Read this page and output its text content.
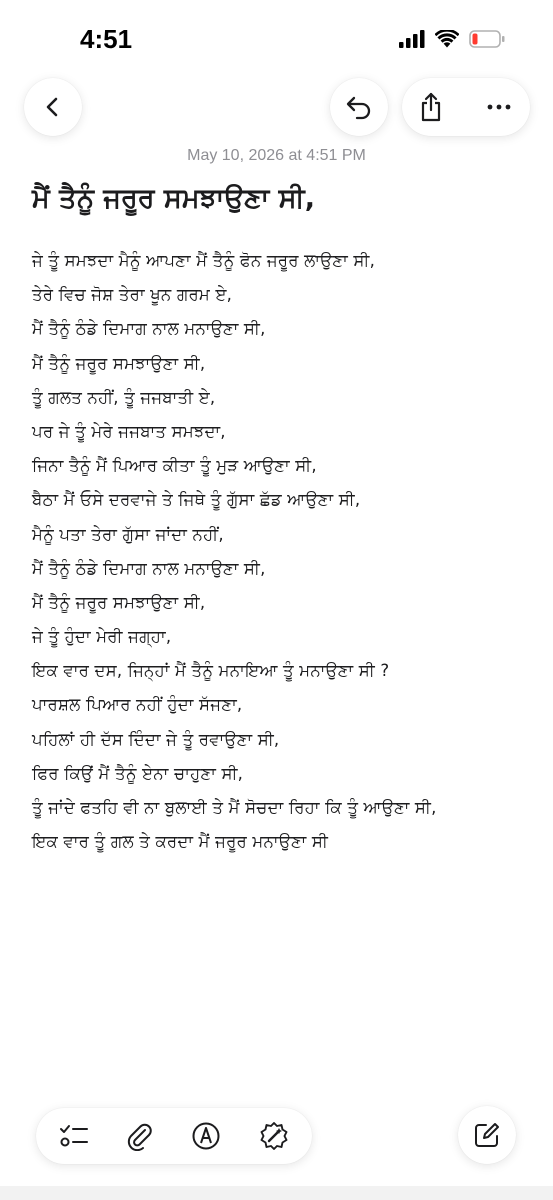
4:51
May 10, 2026 at 4:51 PM
ਮੈਂ ਤੈਨੂੰ ਜਰੂਰ ਸਮਝਾਉਣਾ ਸੀ,
ਜੇ ਤੂੰ ਸਮਝਦਾ ਮੈਨੂੰ ਆਪਣਾ ਮੈਂ ਤੈਨੂੰ ਫੋਨ ਜਰੂਰ ਲਾਉਣਾ ਸੀ,
ਤੇਰੇ ਵਿਚ ਜੋਸ਼ ਤੇਰਾ ਖੂਨ ਗਰਮ ਏ,
ਮੈਂ ਤੈਨੂੰ ਠੰਡੇ ਦਿਮਾਗ ਨਾਲ ਮਨਾਉਣਾ ਸੀ,
ਮੈਂ ਤੈਨੂੰ ਜਰੂਰ ਸਮਝਾਉਣਾ ਸੀ,
ਤੂੰ ਗਲਤ ਨਹੀਂ, ਤੂੰ ਜਜਬਾਤੀ ਏ,
ਪਰ ਜੇ ਤੂੰ ਮੇਰੇ ਜਜਬਾਤ ਸਮਝਦਾ,
ਜਿਨਾ ਤੈਨੂੰ ਮੈਂ ਪਿਆਰ ਕੀਤਾ ਤੂੰ ਮੁੜ ਆਉਣਾ ਸੀ,
ਬੈਠਾ ਮੈਂ ਓਸੇ ਦਰਵਾਜੇ ਤੇ ਜਿਥੇ ਤੂੰ ਗੁੱਸਾ ਛੱਡ ਆਉਣਾ ਸੀ,
ਮੈਨੂੰ ਪਤਾ ਤੇਰਾ ਗੁੱਸਾ ਜਾਂਦਾ ਨਹੀਂ,
ਮੈਂ ਤੈਨੂੰ ਠੰਡੇ ਦਿਮਾਗ ਨਾਲ ਮਨਾਉਣਾ ਸੀ,
ਮੈਂ ਤੈਨੂੰ ਜਰੂਰ ਸਮਝਾਉਣਾ ਸੀ,
ਜੇ ਤੂੰ ਹੁੰਦਾ ਮੇਰੀ ਜਗ੍ਹਾ,
ਇਕ ਵਾਰ ਦਸ, ਜਿਨ੍ਹਾਂ ਮੈਂ ਤੈਨੂੰ ਮਨਾਇਆ ਤੂੰ ਮਨਾਉਣਾ ਸੀ ?
ਪਾਰਸ਼ਲ ਪਿਆਰ ਨਹੀਂ ਹੁੰਦਾ ਸੱਜਣਾ,
ਪਹਿਲਾਂ ਹੀ ਦੱਸ ਦਿੰਦਾ ਜੇ ਤੂੰ ਰਵਾਉਣਾ ਸੀ,
ਫਿਰ ਕਿਉਂ ਮੈਂ ਤੈਨੂੰ ਏਨਾ ਚਾਹੁਣਾ ਸੀ,
ਤੂੰ ਜਾਂਦੇ ਫਤਹਿ ਵੀ ਨਾ ਬੁਲਾਈ ਤੇ ਮੈਂ ਸੋਚਦਾ ਰਿਹਾ ਕਿ ਤੂੰ ਆਉਣਾ ਸੀ,
ਇਕ ਵਾਰ ਤੂੰ ਗਲ ਤੇ ਕਰਦਾ ਮੈਂ ਜਰੂਰ ਮਨਾਉਣਾ ਸੀ
